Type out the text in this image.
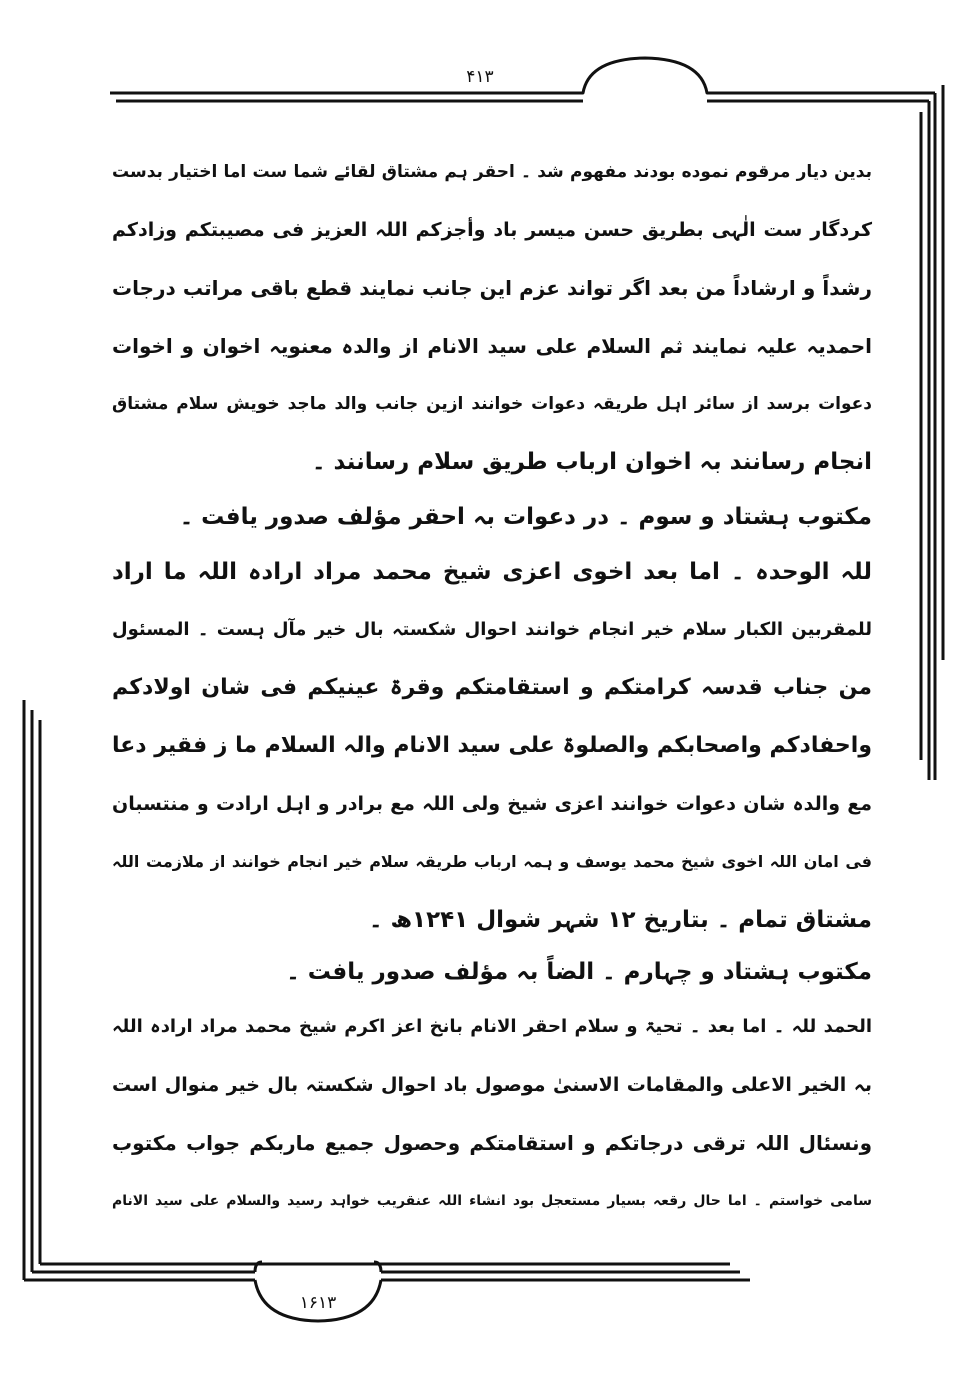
۴۱۳
بدین دیار مرقوم نموده بودند مفهوم شد ۔ احقر ہم مشتاق لقائے شما ست اما اختیار بدست
کردگار ست الٰہی بطریق حسن میسر باد وأجزکم اللہ العزیز فی مصیبتکم وزادکم
رشداً و ارشاداً من بعد اگر تواند عزم این جانب نمایند قطع باقی مراتب درجات
احمدیہ علیہ نمایند ثم السلام علی سید الانام از والدہ معنویہ اخوان و اخوات
دعوات برسد از سائر اہل طریقہ دعوات خوانند ازین جانب والد ماجد خویش سلام مشتاق
انجام رسانند بہ اخوان ارباب طریق سلام رسانند ۔
مکتوب ہشتاد و سوم ۔ در دعوات بہ احقر مؤلف صدور یافت ۔
للہ الوحدہ ۔ اما بعد اخوی اعزی شیخ محمد مراد ارادہ اللہ ما اراد
للمقربین الکبار سلام خیر انجام خوانند احوال شکستہ بال خیر مآل ہست ۔ المسئول
من جناب قدسہ کرامتکم و استقامتکم وقرۃ عینیکم فی شان اولادکم
واحفادکم واصحابکم والصلوۃ علی سید الانام والہ السلام ما ز فقیر دعا
مع والدہ شان دعوات خوانند اعزی شیخ ولی اللہ مع برادر و اہل ارادت و منتسبان
فی امان اللہ اخوی شیخ محمد یوسف و ہمہ ارباب طریقہ سلام خیر انجام خوانند از ملازمت اللہ
مشتاق تمام ۔ بتاریخ ۱۲ شہر شوال ۱۲۴۱ھ ۔
مکتوب ہشتاد و چہارم ۔ الضاً بہ مؤلف صدور یافت ۔
الحمد للہ ۔ اما بعد ۔ تحیۃ و سلام احقر الانام بانخ اعز اکرم شیخ محمد مراد ارادہ اللہ
بہ الخیر الاعلی والمقامات الاسنیٰ موصول باد احوال شکستہ بال خیر منوال است
ونسئال اللہ ترقی درجاتکم و استقامتکم وحصول جمیع ماربکم جواب مکتوب
سامی خواستم ۔ اما حال رقعہ بسیار مستعجل بود انشاء اللہ عنقریب خواہد رسید والسلام علی سید الانام
۱۶۱۳
